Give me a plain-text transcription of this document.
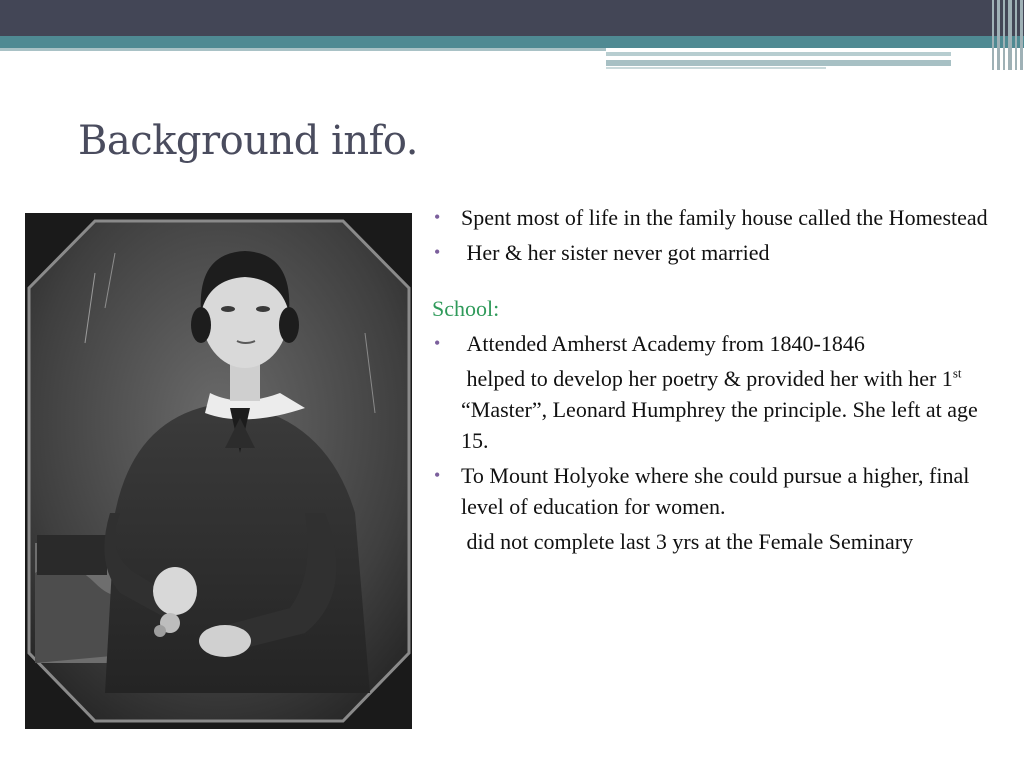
Background info.

• Spent most of life in the family house called the Homestead

• Her & her sister never got married

School:

• Attended Amherst Academy from 1840-1846

helped to develop her poetry & provided her with her 1st “Master”, Leonard Humphrey the principle. She left at age 15.

• To Mount Holyoke where she could pursue a higher, final level of education for women.

did not complete last 3 yrs at the Female Seminary
